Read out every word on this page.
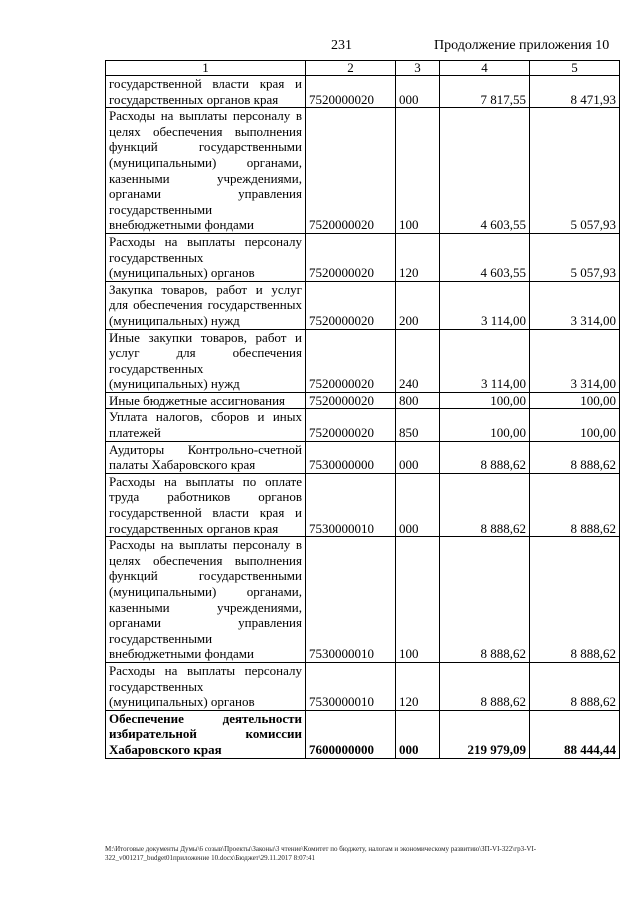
231	Продолжение приложения 10
1	2	3	4	5
государственной власти края и государственных органов края	7520000020	000	7 817,55	8 471,93
Расходы на выплаты персоналу в целях обеспечения выполнения функций государственными (муниципальными) органами, казенными учреждениями, органами управления государственными внебюджетными фондами	7520000020	100	4 603,55	5 057,93
Расходы на выплаты персоналу государственных (муниципальных) органов	7520000020	120	4 603,55	5 057,93
Закупка товаров, работ и услуг для обеспечения государственных (муниципальных) нужд	7520000020	200	3 114,00	3 314,00
Иные закупки товаров, работ и услуг для обеспечения государственных (муниципальных) нужд	7520000020	240	3 114,00	3 314,00
Иные бюджетные ассигнования	7520000020	800	100,00	100,00
Уплата налогов, сборов и иных платежей	7520000020	850	100,00	100,00
Аудиторы Контрольно-счетной палаты Хабаровского края	7530000000	000	8 888,62	8 888,62
Расходы на выплаты по оплате труда работников органов государственной власти края и государственных органов края	7530000010	000	8 888,62	8 888,62
Расходы на выплаты персоналу в целях обеспечения выполнения функций государственными (муниципальными) органами, казенными учреждениями, органами управления государственными внебюджетными фондами	7530000010	100	8 888,62	8 888,62
Расходы на выплаты персоналу государственных (муниципальных) органов	7530000010	120	8 888,62	8 888,62
Обеспечение деятельности избирательной комиссии Хабаровского края	7600000000	000	219 979,09	88 444,44
M:\Итоговые документы Думы\6 созыв\Проекты\Законы\3 чтение\Комитет по бюджету, налогам и экономическому развитию\ЗП-VI-322\гр3-VI-322_v001217_budget01приложение 10.docx\Бюджет\29.11.2017 8:07:41
